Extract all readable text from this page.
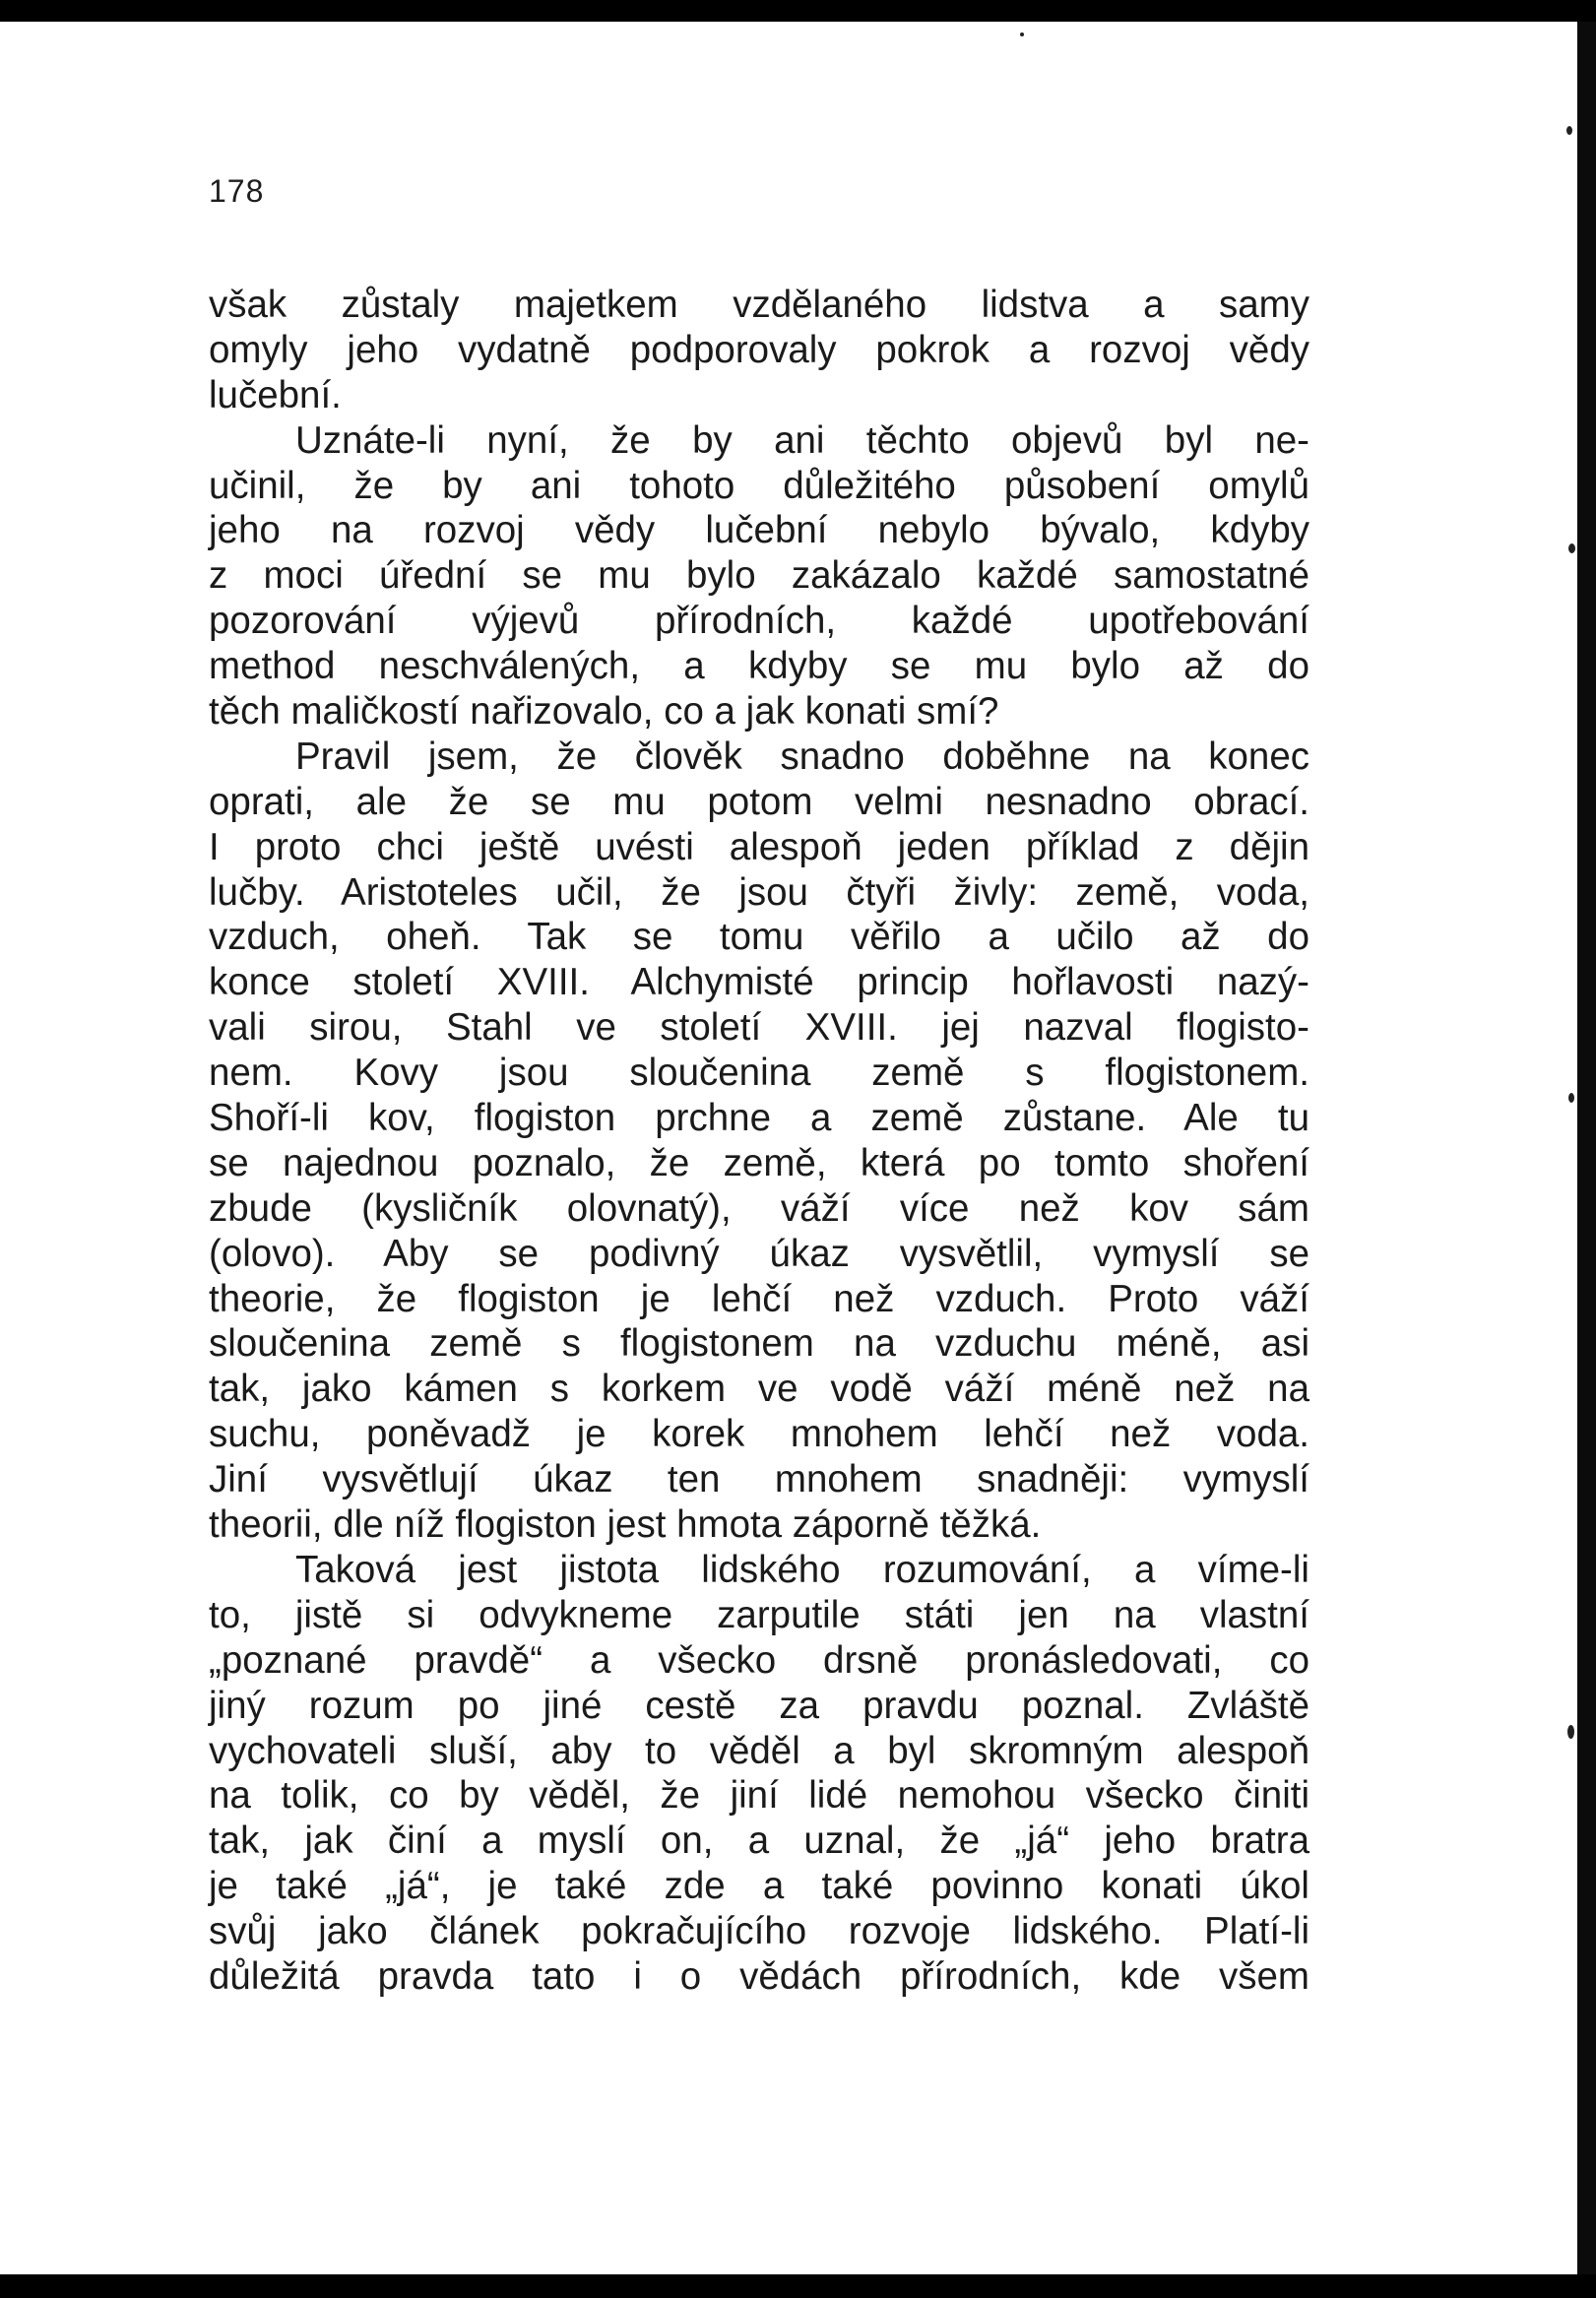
178
však zůstaly majetkem vzdělaného lidstva a samy
omyly jeho vydatně podporovaly pokrok a rozvoj vědy
lučební.
Uznáte-li nyní, že by ani těchto objevů byl ne-
učinil, že by ani tohoto důležitého působení omylů
jeho na rozvoj vědy lučební nebylo bývalo, kdyby
z moci úřední se mu bylo zakázalo každé samostatné
pozorování výjevů přírodních, každé upotřebování
method neschválených, a kdyby se mu bylo až do
těch maličkostí nařizovalo, co a jak konati smí?
Pravil jsem, že člověk snadno doběhne na konec
oprati, ale že se mu potom velmi nesnadno obrací.
I proto chci ještě uvésti alespoň jeden příklad z dějin
lučby. Aristoteles učil, že jsou čtyři živly: země, voda,
vzduch, oheň. Tak se tomu věřilo a učilo až do
konce století XVIII. Alchymisté princip hořlavosti nazý-
vali sirou, Stahl ve století XVIII. jej nazval flogisto-
nem. Kovy jsou sloučenina země s flogistonem.
Shoří-li kov, flogiston prchne a země zůstane. Ale tu
se najednou poznalo, že země, která po tomto shoření
zbude (kysličník olovnatý), váží více než kov sám
(olovo). Aby se podivný úkaz vysvětlil, vymyslí se
theorie, že flogiston je lehčí než vzduch. Proto váží
sloučenina země s flogistonem na vzduchu méně, asi
tak, jako kámen s korkem ve vodě váží méně než na
suchu, poněvadž je korek mnohem lehčí než voda.
Jiní vysvětlují úkaz ten mnohem snadněji: vymyslí
theorii, dle níž flogiston jest hmota záporně těžká.
Taková jest jistota lidského rozumování, a víme-li
to, jistě si odvykneme zarputile státi jen na vlastní
„poznané pravdě“ a všecko drsně pronásledovati, co
jiný rozum po jiné cestě za pravdu poznal. Zvláště
vychovateli sluší, aby to věděl a byl skromným alespoň
na tolik, co by věděl, že jiní lidé nemohou všecko činiti
tak, jak činí a myslí on, a uznal, že „já“ jeho bratra
je také „já“, je také zde a také povinno konati úkol
svůj jako článek pokračujícího rozvoje lidského. Platí-li
důležitá pravda tato i o vědách přírodních, kde všem
